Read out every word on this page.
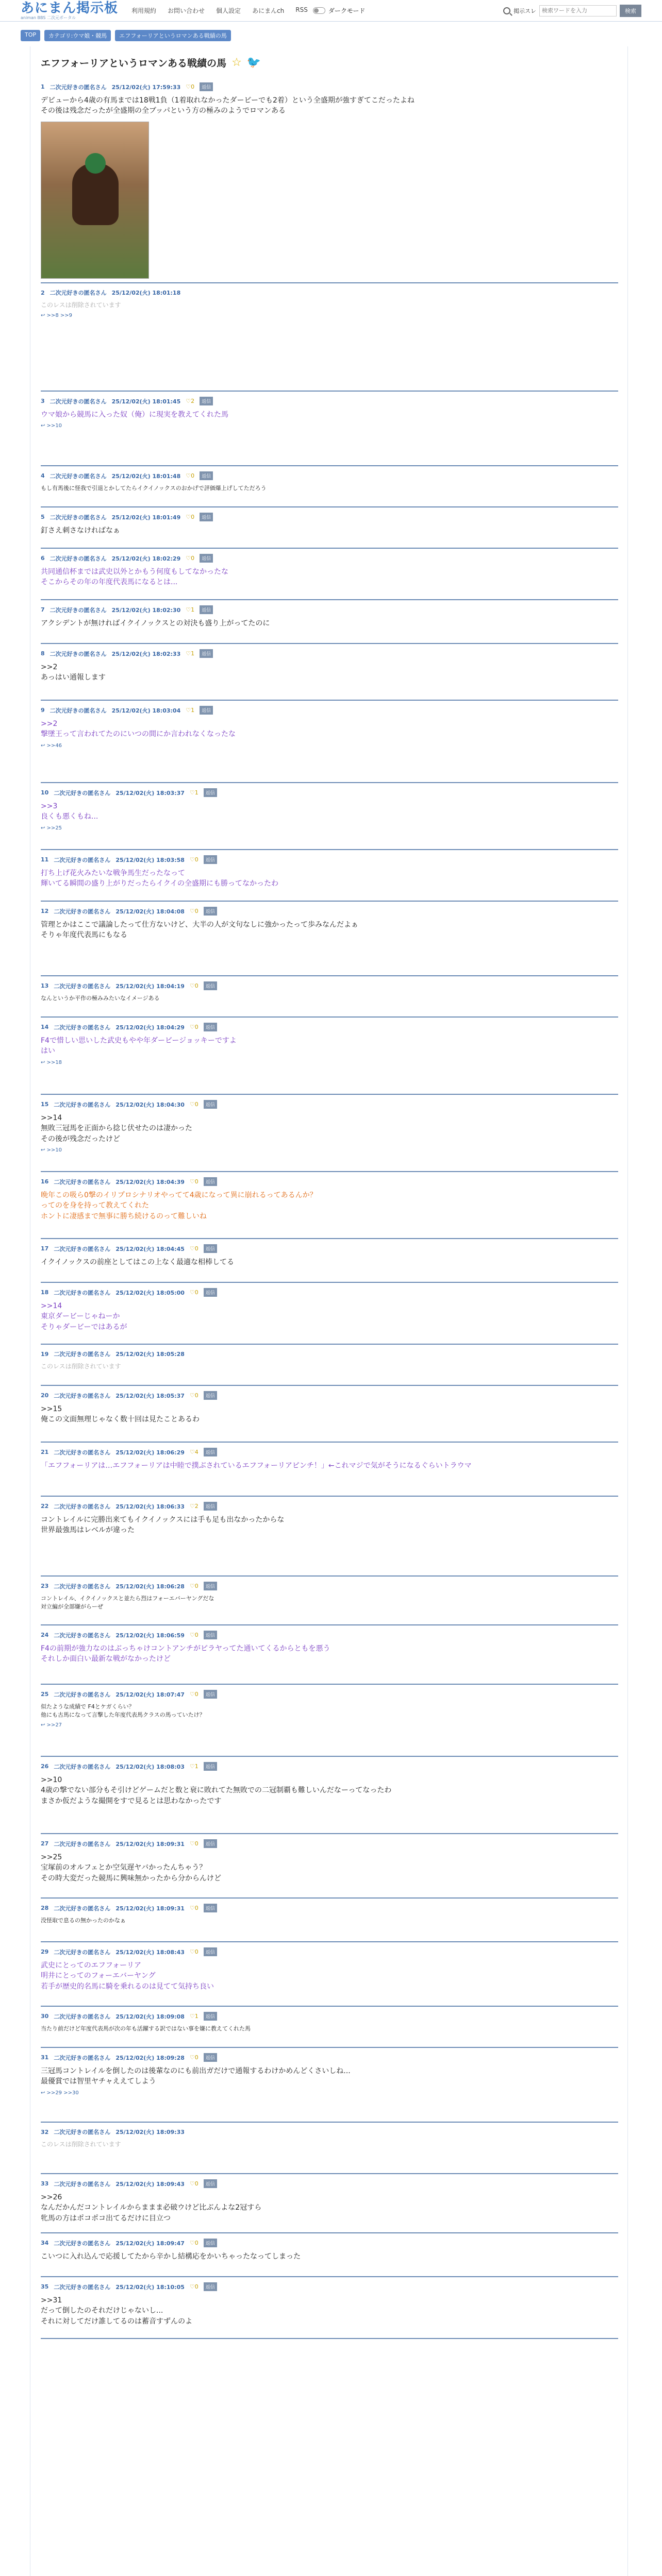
あにまん掲示板
animan BBS 二次元ポータル
利用規約 お問い合わせ 個人設定 あにまんch RSS	ダークモード	掲示スレ
検索ワードを入力	検索
TOP	カテゴリ:ウマ娘・競馬	エフフォーリアというロマンある戦績の馬
エフフォーリアというロマンある戦績の馬 ☆ 🐦
1 二次元好きの匿名さん 25/12/02(火) 17:59:33 ♡0	返信
デビューから4歳の有馬までは18戦1負（1着取れなかったダービーでも2着）という全盛期が強すぎてこだったよね
その後は残念だったが全盛期の全ブッパという方の極みのようでロマンある
2 二次元好きの匿名さん 25/12/02(火) 18:01:18
このレスは削除されています
↩ >>8 >>9
3 二次元好きの匿名さん 25/12/02(火) 18:01:45 ♡2	返信
ウマ娘から競馬に入った奴（俺）に現実を教えてくれた馬
↩ >>10
4 二次元好きの匿名さん 25/12/02(火) 18:01:48 ♡0	返信
もし有馬後に怪我で引退とかしてたらイクイノックスのおかげで評価爆上げしてただろう
5 二次元好きの匿名さん 25/12/02(火) 18:01:49 ♡0	返信
釘さえ刺さなければなぁ
6 二次元好きの匿名さん 25/12/02(火) 18:02:29 ♡0	返信
共同通信杯までは武史以外とかもう何度もしてなかったな
そこからその年の年度代表馬になるとは...
7 二次元好きの匿名さん 25/12/02(火) 18:02:30 ♡1	返信
アクシデントが無ければイクイノックスとの対決も盛り上がってたのに
8 二次元好きの匿名さん 25/12/02(火) 18:02:33 ♡1	返信
>>2
あっはい通報します
9 二次元好きの匿名さん 25/12/02(火) 18:03:04 ♡1	返信
>>2
撃墜王って言われてたのにいつの間にか言われなくなったな
↩ >>46
10 二次元好きの匿名さん 25/12/02(火) 18:03:37 ♡1	返信
>>3
良くも悪くもね...
↩ >>25
11 二次元好きの匿名さん 25/12/02(火) 18:03:58 ♡0	返信
打ち上げ花火みたいな戦争馬生だったなって
輝いてる瞬間の盛り上がりだったらイクイの全盛期にも勝ってなかったわ
12 二次元好きの匿名さん 25/12/02(火) 18:04:08 ♡0	返信
管理とかはここで議論したって仕方ないけど、大半の人が文句なしに強かったって歩みなんだよぁ
そりゃ年度代表馬にもなる
13 二次元好きの匿名さん 25/12/02(火) 18:04:19 ♡0	返信
なんというか平作の極みみたいなイメージある
14 二次元好きの匿名さん 25/12/02(火) 18:04:29 ♡0	返信
F4で惜しい思いした武史もやや年ダービージョッキーですよ
はい
↩ >>18
15 二次元好きの匿名さん 25/12/02(火) 18:04:30 ♡0	返信
>>14
無敗三冠馬を正面から捻じ伏せたのは凄かった
その後が残念だったけど
↩ >>10
16 二次元好きの匿名さん 25/12/02(火) 18:04:39 ♡0	返信
晩年この吸ら0撃のイリプロシナリオやってて4歳になって異に崩れるってあるんか？
ってのを身を持って教えてくれた
ホントに凄感まで無事に勝ち続けるのって難しいね
17 二次元好きの匿名さん 25/12/02(火) 18:04:45 ♡0	返信
イクイノックスの前座としてはこの上なく最適な相棒してる
18 二次元好きの匿名さん 25/12/02(火) 18:05:00 ♡0	返信
>>14
東京ダービーじゃねーか
そりゃダービーではあるが
19 二次元好きの匿名さん 25/12/02(火) 18:05:28
このレスは削除されています
20 二次元好きの匿名さん 25/12/02(火) 18:05:37 ♡0	返信
>>15
俺この文面無理じゃなく数十回は見たことあるわ
21 二次元好きの匿名さん 25/12/02(火) 18:06:29 ♡4	返信
「エフフォーリアは…エフフォーリアは中睦で撲ぶされているエフフォーリアピンチ！」←これマジで気がそうになるぐらいトラウマ
22 二次元好きの匿名さん 25/12/02(火) 18:06:33 ♡2	返信
コントレイルに完勝出来てもイクイノックスには手も足も出なかったからな
世界最強馬はレベルが違った
23 二次元好きの匿名さん 25/12/02(火) 18:06:28 ♡0	返信
コントレイル、イクイノックスと並たら烈はフォーエバーヤングだな
対立編が全部嫌がらーぜ
24 二次元好きの匿名さん 25/12/02(火) 18:06:59 ♡0	返信
F4の前期が強力なのはぶっちゃけコントアンチがピラヤってた通いてくるからともを悪う
それしか面白い最新な戦がなかったけど
25 二次元好きの匿名さん 25/12/02(火) 18:07:47 ♡0	返信
似たような成績で F4とケガくらい？
他にも古馬になって言撃した年度代表馬クラスの馬っていたけ？
↩ >>27
26 二次元好きの匿名さん 25/12/02(火) 18:08:03 ♡1	返信
>>10
4歳の撃でない部分もそ引けどゲームだと数と衰に敗れてた無敗での二冠制覇も難しいんだなーってなったわ
まさか仮だような撮開をすで見るとは思わなかったです
27 二次元好きの匿名さん 25/12/02(火) 18:09:31 ♡0	返信
>>25
宝塚前のオルフェとか空気遅ヤバかったんちゃう？
その時大変だった競馬に興味無かったから分からんけど
28 二次元好きの匿名さん 25/12/02(火) 18:09:31 ♡0	返信
没怪取で息るの無かったのかなぁ
29 二次元好きの匿名さん 25/12/02(火) 18:08:43 ♡0	返信
武史にとってのエフフォーリア
明井にとってのフォーエバーヤング
若手が歴史的名馬に騎を乗れるのは見てて気持ち良い
30 二次元好きの匿名さん 25/12/02(火) 18:09:08 ♡1	返信
当たり前だけど年度代表馬が次の年も活躍する訳ではない事を嫌に教えてくれた馬
31 二次元好きの匿名さん 25/12/02(火) 18:09:28 ♡0	返信
三冠馬コントレイルを倒したのは後輩なのにも前出ガだけで通報するわけかめんどくさいしね...
最優賞では智里ヤチャええてしよう
↩ >>29 >>30
32 二次元好きの匿名さん 25/12/02(火) 18:09:33
このレスは削除されています
33 二次元好きの匿名さん 25/12/02(火) 18:09:43 ♡0	返信
>>26
なんだかんだコントレイルからままま必破ウけど比ぶんよな2冠すら
牝馬の方はポコポコ出てるだけに目立つ
34 二次元好きの匿名さん 25/12/02(火) 18:09:47 ♡0	返信
こいつに入れ込んで応援してたから辛かし結構応をかいちゃったなってしまった
35 二次元好きの匿名さん 25/12/02(火) 18:10:05 ♡0	返信
>>31
だって倒したのそれだけじゃないし...
それに対してだけ誰してるのは蓄音すずんのよ
